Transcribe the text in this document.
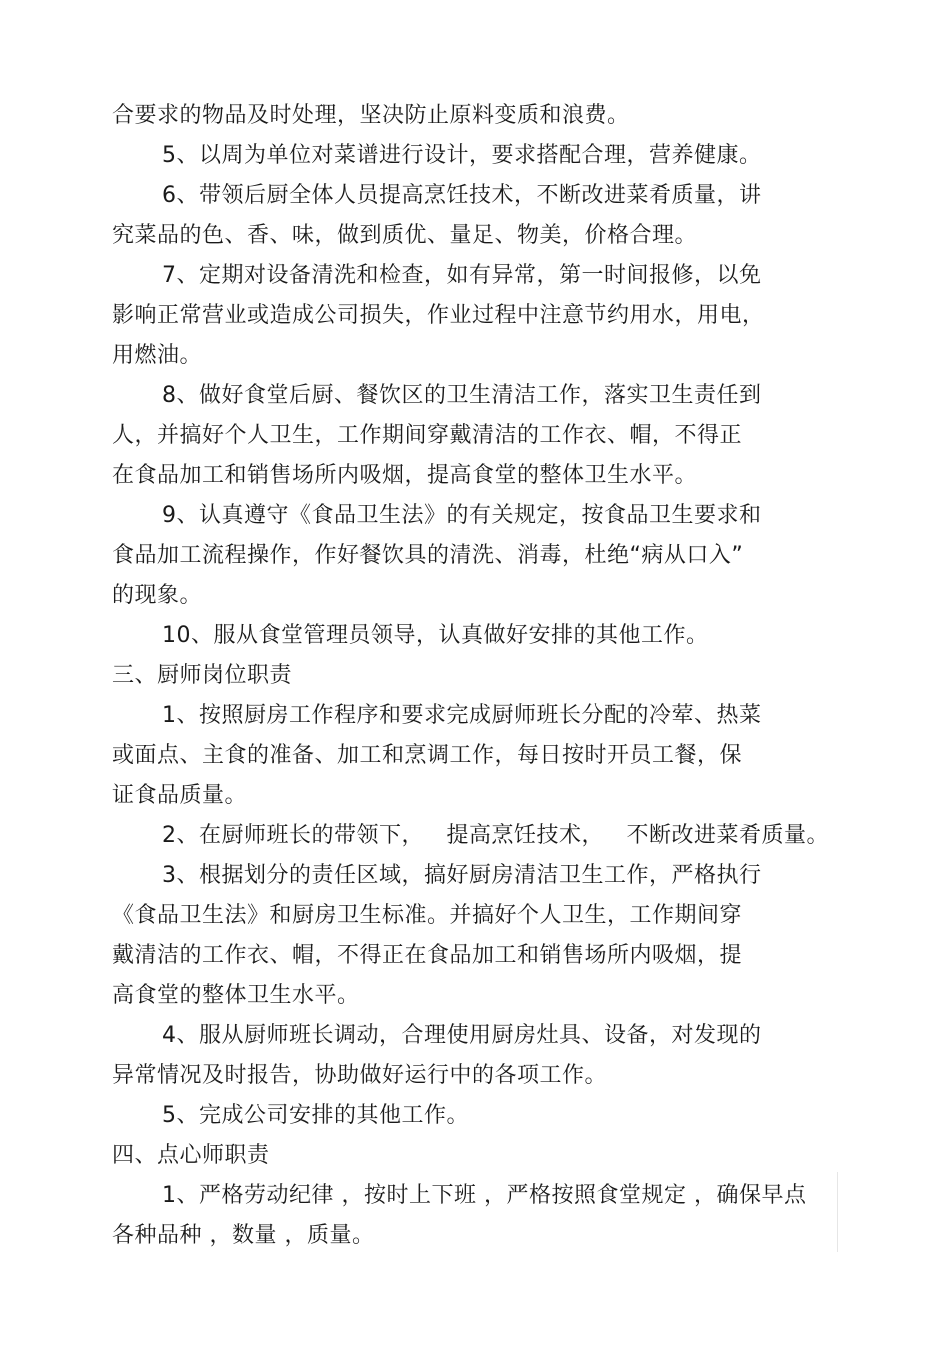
合要求的物品及时处理，坚决防止原料变质和浪费。
5、以周为单位对菜谱进行设计，要求搭配合理，营养健康。
6、带领后厨全体人员提高烹饪技术，不断改进菜肴质量，讲
究菜品的色、香、味，做到质优、量足、物美，价格合理。
7、定期对设备清洗和检查，如有异常，第一时间报修，以免
影响正常营业或造成公司损失，作业过程中注意节约用水，用电，
用燃油。
8、做好食堂后厨、餐饮区的卫生清洁工作，落实卫生责任到
人，并搞好个人卫生，工作期间穿戴清洁的工作衣、帽，不得正
在食品加工和销售场所内吸烟，提高食堂的整体卫生水平。
9、认真遵守《食品卫生法》的有关规定，按食品卫生要求和
食品加工流程操作，作好餐饮具的清洗、消毒，杜绝“病从口入”
的现象。
10、服从食堂管理员领导，认真做好安排的其他工作。
三、厨师岗位职责
1、按照厨房工作程序和要求完成厨师班长分配的冷荤、热菜
或面点、主食的准备、加工和烹调工作，每日按时开员工餐，保
证食品质量。
2、在厨师班长的带领下，   提高烹饪技术，   不断改进菜肴质量。
3、根据划分的责任区域，搞好厨房清洁卫生工作，严格执行
《食品卫生法》和厨房卫生标准。并搞好个人卫生，工作期间穿
戴清洁的工作衣、帽，不得正在食品加工和销售场所内吸烟，提
高食堂的整体卫生水平。
4、服从厨师班长调动，合理使用厨房灶具、设备，对发现的
异常情况及时报告，协助做好运行中的各项工作。
5、完成公司安排的其他工作。
四、点心师职责
1、严格劳动纪律 ，按时上下班 ，严格按照食堂规定 ，确保早点
各种品种 ，数量 ，质量。
